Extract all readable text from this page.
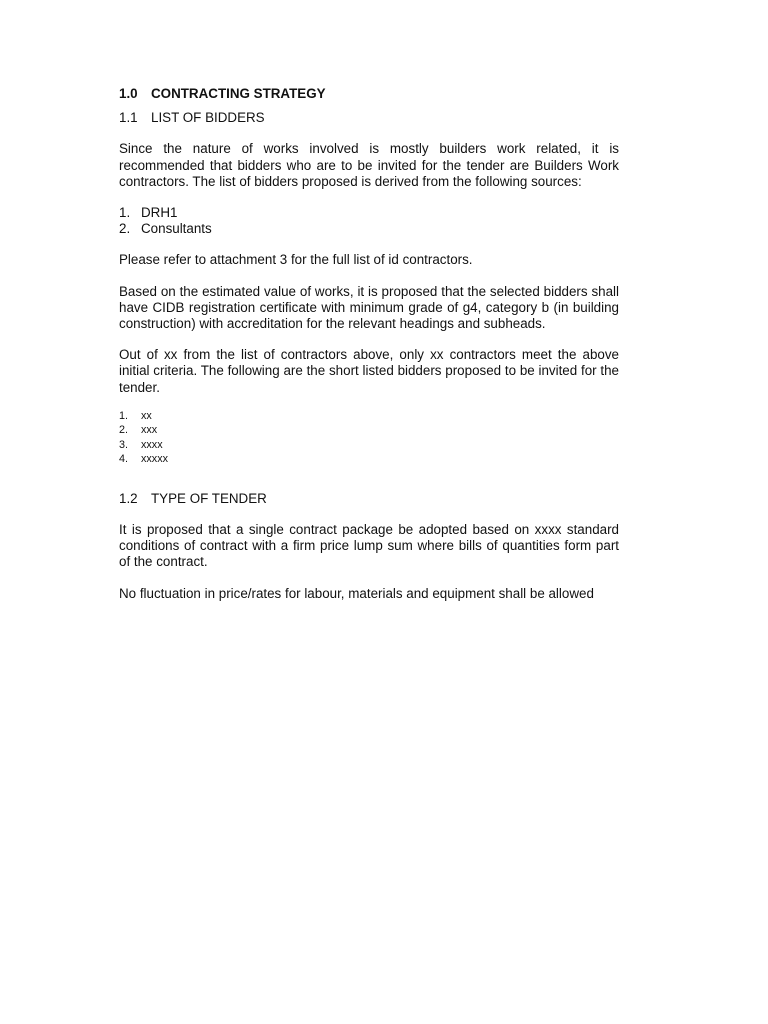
1.0 CONTRACTING STRATEGY
1.1 LIST OF BIDDERS

Since the nature of works involved is mostly builders work related, it is recommended that bidders who are to be invited for the tender are Builders Work contractors. The list of bidders proposed is derived from the following sources:

1. DRH1
2. Consultants

Please refer to attachment 3 for the full list of id contractors.

Based on the estimated value of works, it is proposed that the selected bidders shall have CIDB registration certificate with minimum grade of g4, category b (in building construction) with accreditation for the relevant headings and subheads.

Out of xx from the list of contractors above, only xx contractors meet the above initial criteria. The following are the short listed bidders proposed to be invited for the tender.

1. xx
2. xxx
3. xxxx
4. xxxxx
1.2 TYPE OF TENDER

It is proposed that a single contract package be adopted based on xxxx standard conditions of contract with a firm price lump sum where bills of quantities form part of the contract.

No fluctuation in price/rates for labour, materials and equipment shall be allowed
